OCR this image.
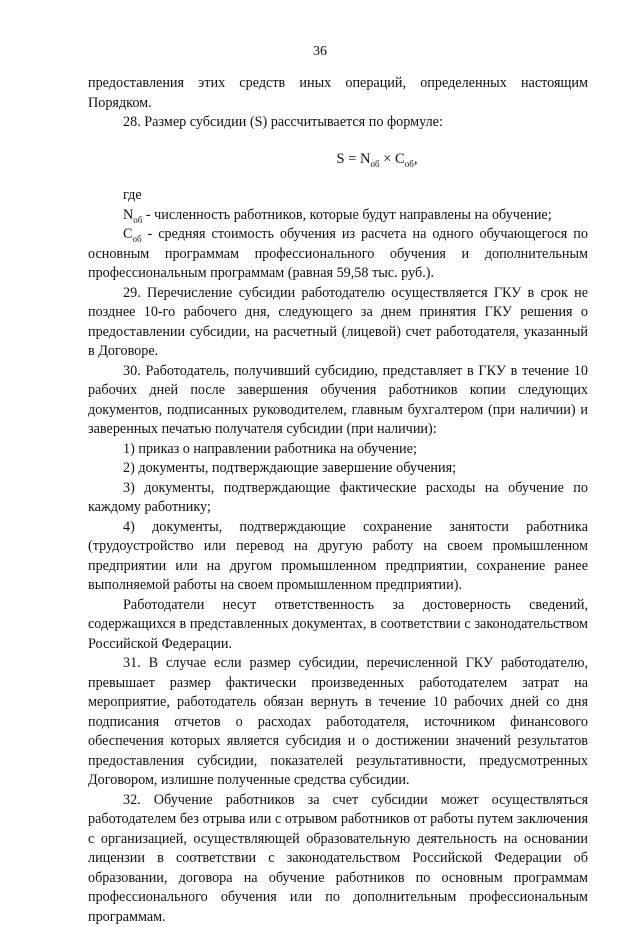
36

предоставления этих средств иных операций, определенных настоящим Порядком.

28. Размер субсидии (S) рассчитывается по формуле:

$S = N_{об} \times C_{об}$,

где

$N_{об}$ - численность работников, которые будут направлены на обучение;

$С_{об}$ - средняя стоимость обучения из расчета на одного обучающегося по основным программам профессионального обучения и дополнительным профессиональным программам (равная 59,58 тыс. руб.).

29. Перечисление субсидии работодателю осуществляется ГКУ в срок не позднее 10-го рабочего дня, следующего за днем принятия ГКУ решения о предоставлении субсидии, на расчетный (лицевой) счет работодателя, указанный в Договоре.

30. Работодатель, получивший субсидию, представляет в ГКУ в течение 10 рабочих дней после завершения обучения работников копии следующих документов, подписанных руководителем, главным бухгалтером (при наличии) и заверенных печатью получателя субсидии (при наличии):

1) приказ о направлении работника на обучение;

2) документы, подтверждающие завершение обучения;

3) документы, подтверждающие фактические расходы на обучение по каждому работнику;

4) документы, подтверждающие сохранение занятости работника (трудоустройство или перевод на другую работу на своем промышленном предприятии или на другом промышленном предприятии, сохранение ранее выполняемой работы на своем промышленном предприятии).

Работодатели несут ответственность за достоверность сведений, содержащихся в представленных документах, в соответствии с законодательством Российской Федерации.

31. В случае если размер субсидии, перечисленной ГКУ работодателю, превышает размер фактически произведенных работодателем затрат на мероприятие, работодатель обязан вернуть в течение 10 рабочих дней со дня подписания отчетов о расходах работодателя, источником финансового обеспечения которых является субсидия и о достижении значений результатов предоставления субсидии, показателей результативности, предусмотренных Договором, излишне полученные средства субсидии.

32. Обучение работников за счет субсидии может осуществляться работодателем без отрыва или с отрывом работников от работы путем заключения с организацией, осуществляющей образовательную деятельность на основании лицензии в соответствии с законодательством Российской Федерации об образовании, договора на обучение работников по основным программам профессионального обучения или по дополнительным профессиональным программам.
